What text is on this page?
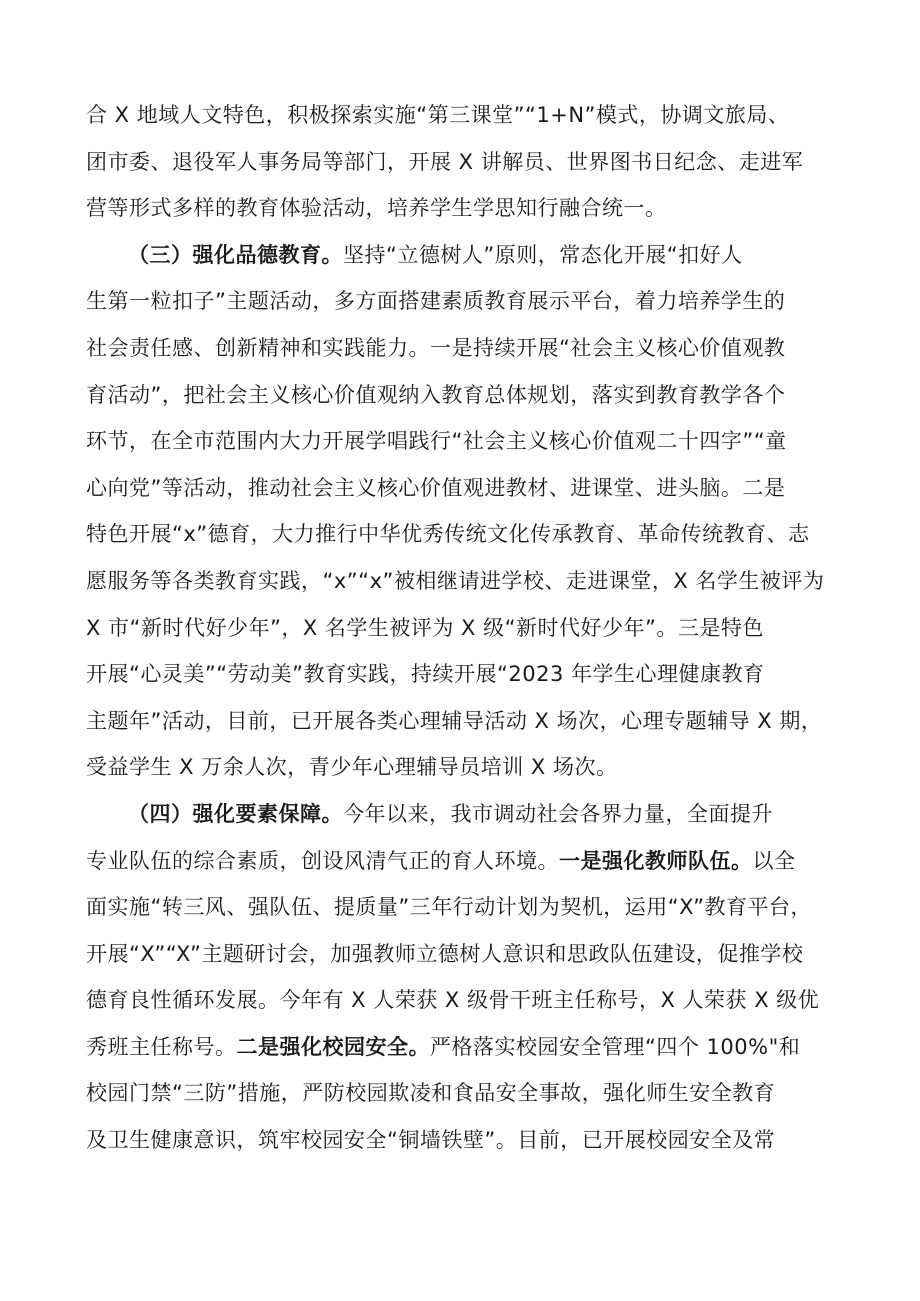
合 X 地域人文特色，积极探索实施“第三课堂”“1+N”模式，协调文旅局、
团市委、退役军人事务局等部门，开展 X 讲解员、世界图书日纪念、走进军
营等形式多样的教育体验活动，培养学生学思知行融合统一。
（三）强化品德教育。坚持“立德树人”原则，常态化开展“扣好人
生第一粒扣子”主题活动，多方面搭建素质教育展示平台，着力培养学生的
社会责任感、创新精神和实践能力。一是持续开展“社会主义核心价值观教
育活动”，把社会主义核心价值观纳入教育总体规划，落实到教育教学各个
环节，在全市范围内大力开展学唱践行“社会主义核心价值观二十四字”“童
心向党”等活动，推动社会主义核心价值观进教材、进课堂、进头脑。二是
特色开展“x”德育，大力推行中华优秀传统文化传承教育、革命传统教育、志
愿服务等各类教育实践，“x”“x”被相继请进学校、走进课堂，X 名学生被评为
X 市“新时代好少年”，X 名学生被评为 X 级“新时代好少年”。三是特色
开展“心灵美”“劳动美”教育实践，持续开展“2023 年学生心理健康教育
主题年”活动，目前，已开展各类心理辅导活动 X 场次，心理专题辅导 X 期，
受益学生 X 万余人次，青少年心理辅导员培训 X 场次。
（四）强化要素保障。今年以来，我市调动社会各界力量，全面提升
专业队伍的综合素质，创设风清气正的育人环境。一是强化教师队伍。以全
面实施“转三风、强队伍、提质量”三年行动计划为契机，运用“X”教育平台，
开展“X”“X”主题研讨会，加强教师立德树人意识和思政队伍建设，促推学校
德育良性循环发展。今年有 X 人荣获 X 级骨干班主任称号，X 人荣获 X 级优
秀班主任称号。二是强化校园安全。严格落实校园安全管理“四个 100%"和
校园门禁“三防”措施，严防校园欺凌和食品安全事故，强化师生安全教育
及卫生健康意识，筑牢校园安全“铜墙铁壁”。目前，已开展校园安全及常
